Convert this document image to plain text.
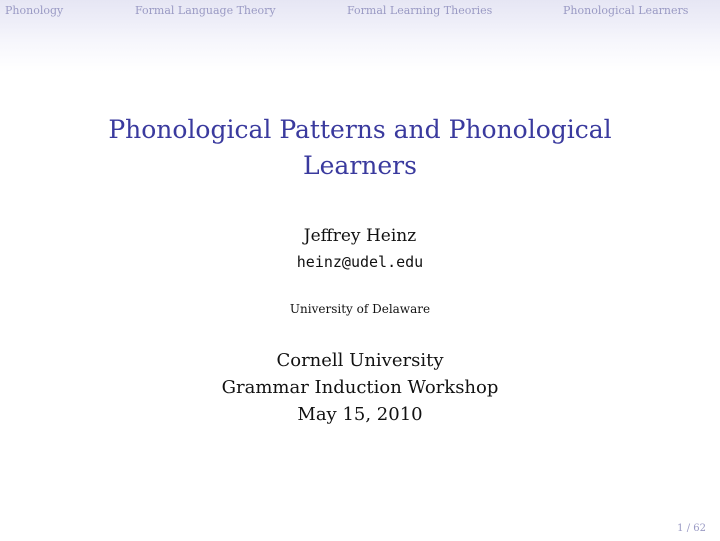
Phonology	Formal Language Theory	Formal Learning Theories	Phonological Learners
Phonological Patterns and Phonological
Learners
Jeffrey Heinz
heinz@udel.edu
University of Delaware
Cornell University
Grammar Induction Workshop
May 15, 2010
1 / 62
